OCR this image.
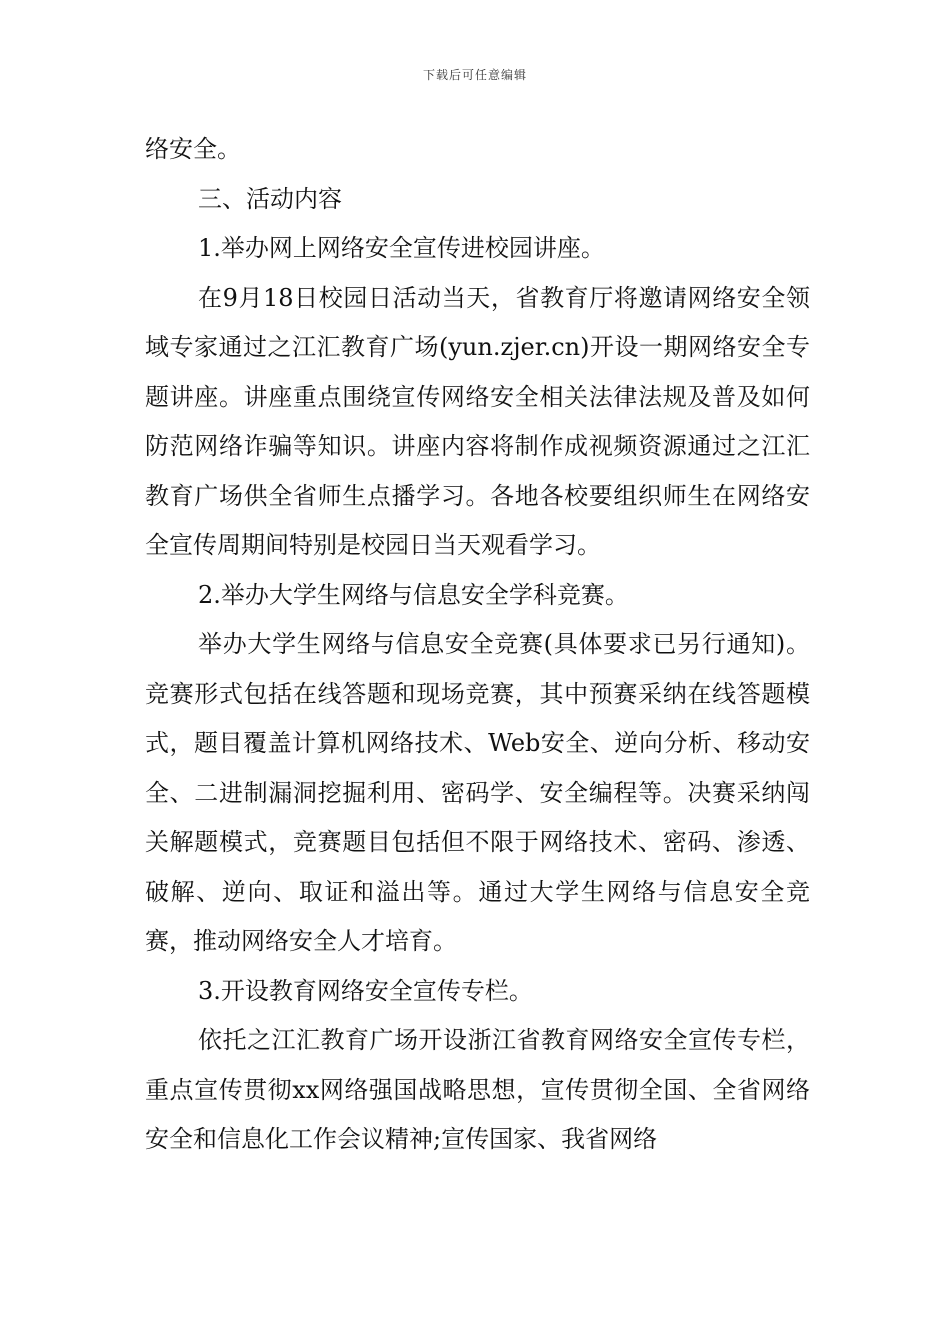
下载后可任意编辑

络安全。

三、活动内容

1.举办网上网络安全宣传进校园讲座。

在9月18日校园日活动当天，省教育厅将邀请网络安全领域专家通过之江汇教育广场(yun.zjer.cn)开设一期网络安全专题讲座。讲座重点围绕宣传网络安全相关法律法规及普及如何防范网络诈骗等知识。讲座内容将制作成视频资源通过之江汇教育广场供全省师生点播学习。各地各校要组织师生在网络安全宣传周期间特别是校园日当天观看学习。

2.举办大学生网络与信息安全学科竞赛。

举办大学生网络与信息安全竞赛(具体要求已另行通知)。竞赛形式包括在线答题和现场竞赛，其中预赛采纳在线答题模式，题目覆盖计算机网络技术、Web安全、逆向分析、移动安全、二进制漏洞挖掘利用、密码学、安全编程等。决赛采纳闯关解题模式，竞赛题目包括但不限于网络技术、密码、渗透、破解、逆向、取证和溢出等。通过大学生网络与信息安全竞赛，推动网络安全人才培育。

3.开设教育网络安全宣传专栏。

依托之江汇教育广场开设浙江省教育网络安全宣传专栏，重点宣传贯彻xx网络强国战略思想，宣传贯彻全国、全省网络安全和信息化工作会议精神;宣传国家、我省网络
